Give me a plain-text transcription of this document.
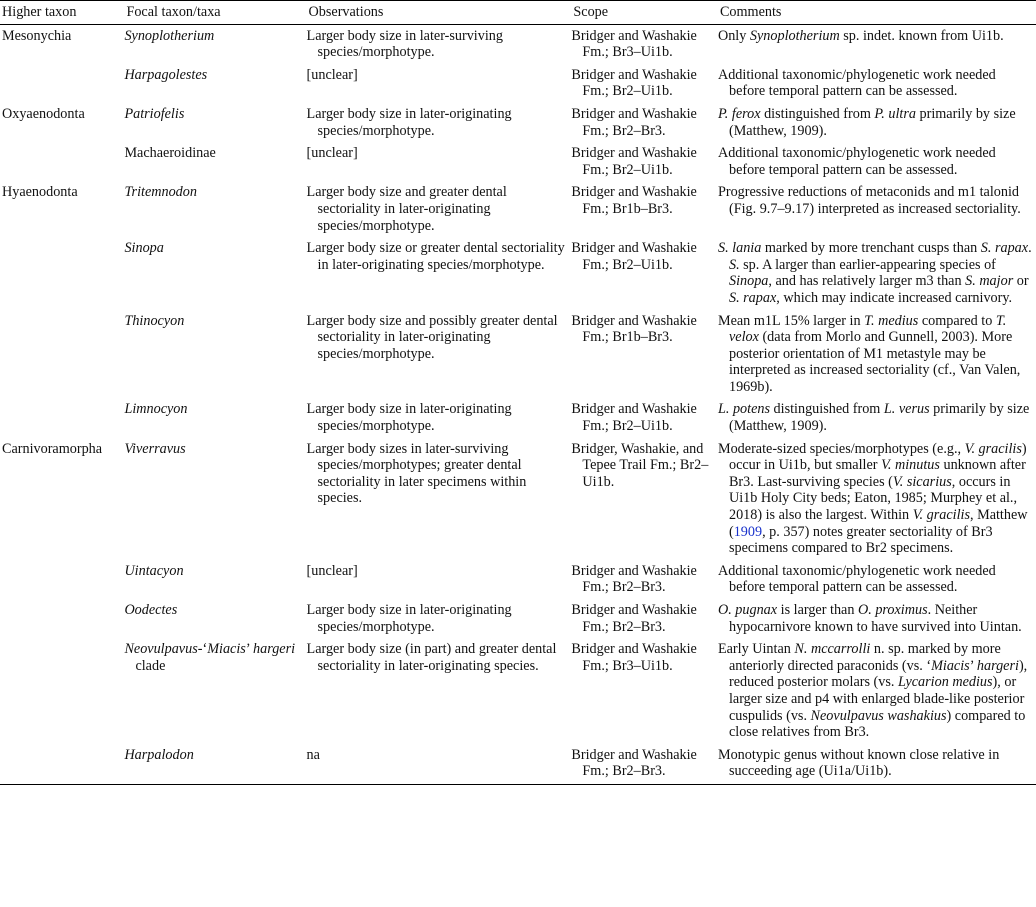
Higher taxon	Focal taxon/taxa	Observations	Scope	Comments
Mesonychia	Synoplotherium	Larger body size in later-surviving species/morphotype.	Bridger and Washakie Fm.; Br3–Ui1b.	Only Synoplotherium sp. indet. known from Ui1b.
	Harpagolestes	[unclear]	Bridger and Washakie Fm.; Br2–Ui1b.	Additional taxonomic/phylogenetic work needed before temporal pattern can be assessed.
Oxyaenodonta	Patriofelis	Larger body size in later-originating species/morphotype.	Bridger and Washakie Fm.; Br2–Br3.	P. ferox distinguished from P. ultra primarily by size (Matthew, 1909).
	Machaeroidinae	[unclear]	Bridger and Washakie Fm.; Br2–Ui1b.	Additional taxonomic/phylogenetic work needed before temporal pattern can be assessed.
Hyaenodonta	Tritemnodon	Larger body size and greater dental sectoriality in later-originating species/morphotype.	Bridger and Washakie Fm.; Br1b–Br3.	Progressive reductions of metaconids and m1 talonid (Fig. 9.7–9.17) interpreted as increased sectoriality.
	Sinopa	Larger body size or greater dental sectoriality in later-originating species/morphotype.	Bridger and Washakie Fm.; Br2–Ui1b.	S. lania marked by more trenchant cusps than S. rapax. S. sp. A larger than earlier-appearing species of Sinopa, and has relatively larger m3 than S. major or S. rapax, which may indicate increased carnivory.
	Thinocyon	Larger body size and possibly greater dental sectoriality in later-originating species/morphotype.	Bridger and Washakie Fm.; Br1b–Br3.	Mean m1L 15% larger in T. medius compared to T. velox (data from Morlo and Gunnell, 2003). More posterior orientation of M1 metastyle may be interpreted as increased sectoriality (cf., Van Valen, 1969b).
	Limnocyon	Larger body size in later-originating species/morphotype.	Bridger and Washakie Fm.; Br2–Ui1b.	L. potens distinguished from L. verus primarily by size (Matthew, 1909).
Carnivoramorpha	Viverravus	Larger body sizes in later-surviving species/morphotypes; greater dental sectoriality in later specimens within species.	Bridger, Washakie, and Tepee Trail Fm.; Br2–Ui1b.	Moderate-sized species/morphotypes (e.g., V. gracilis) occur in Ui1b, but smaller V. minutus unknown after Br3. Last-surviving species (V. sicarius, occurs in Ui1b Holy City beds; Eaton, 1985; Murphey et al., 2018) is also the largest. Within V. gracilis, Matthew (1909, p. 357) notes greater sectoriality of Br3 specimens compared to Br2 specimens.
	Uintacyon	[unclear]	Bridger and Washakie Fm.; Br2–Br3.	Additional taxonomic/phylogenetic work needed before temporal pattern can be assessed.
	Oodectes	Larger body size in later-originating species/morphotype.	Bridger and Washakie Fm.; Br2–Br3.	O. pugnax is larger than O. proximus. Neither hypocarnivore known to have survived into Uintan.
	Neovulpavus-‘Miacis’ hargeri clade	Larger body size (in part) and greater dental sectoriality in later-originating species.	Bridger and Washakie Fm.; Br3–Ui1b.	Early Uintan N. mccarrolli n. sp. marked by more anteriorly directed paraconids (vs. ‘Miacis’ hargeri), reduced posterior molars (vs. Lycarion medius), or larger size and p4 with enlarged blade-like posterior cuspulids (vs. Neovulpavus washakius) compared to close relatives from Br3.
	Harpalodon	na	Bridger and Washakie Fm.; Br2–Br3.	Monotypic genus without known close relative in succeeding age (Ui1a/Ui1b).
